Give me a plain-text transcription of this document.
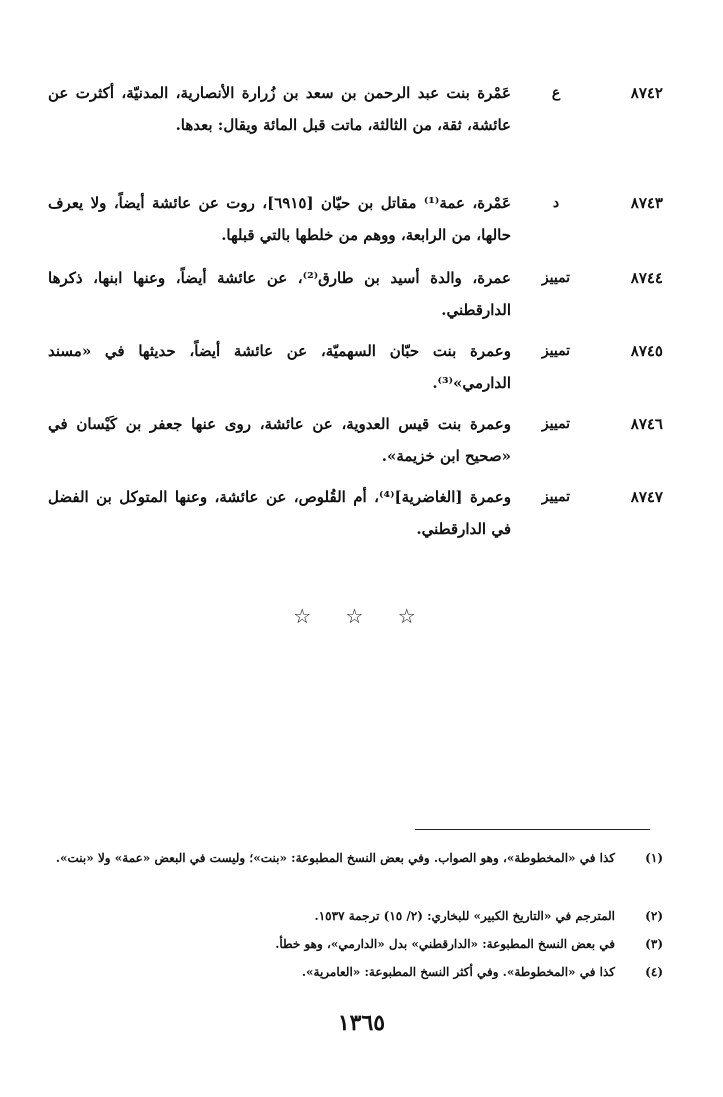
٨٧٤٢
ع
عَمْرة بنت عبد الرحمن بن سعد بن زُرارة الأنصارية، المدنيّة، أكثرت عن عائشة، ثقة، من الثالثة، ماتت قبل المائة ويقال: بعدها.
٨٧٤٣
د
عَمْرة، عمة⁽¹⁾ مقاتل بن حيّان [٦٩١٥]، روت عن عائشة أيضاً، ولا يعرف حالها، من الرابعة، ووهم من خلطها بالتي قبلها.
٨٧٤٤
تمييز
عمرة، والدة أسيد بن طارق⁽²⁾، عن عائشة أيضاً، وعنها ابنها، ذكرها الدارقطني.
٨٧٤٥
تمييز
وعمرة بنت حبّان السهميّة، عن عائشة أيضاً، حديثها في «مسند الدارمي»⁽³⁾.
٨٧٤٦
تمييز
وعمرة بنت قيس العدوية، عن عائشة، روى عنها جعفر بن كَيْسان في «صحيح ابن خزيمة».
٨٧٤٧
تمييز
وعمرة [الغاضرية]⁽⁴⁾، أم القُلوص، عن عائشة، وعنها المتوكل بن الفضل في الدارقطني.
☆ ☆ ☆
(١)
كذا في «المخطوطة»، وهو الصواب. وفي بعض النسخ المطبوعة: «بنت»؛ وليست في البعض «عمة» ولا «بنت».
(٢)
المترجم في «التاريخ الكبير» للبخاري: (٢/ ١٥) ترجمة ١٥٣٧.
(٣)
في بعض النسخ المطبوعة: «الدارقطني» بدل «الدارمي»، وهو خطأ.
(٤)
كذا في «المخطوطة». وفي أكثر النسخ المطبوعة: «العامرية».
١٣٦٥
